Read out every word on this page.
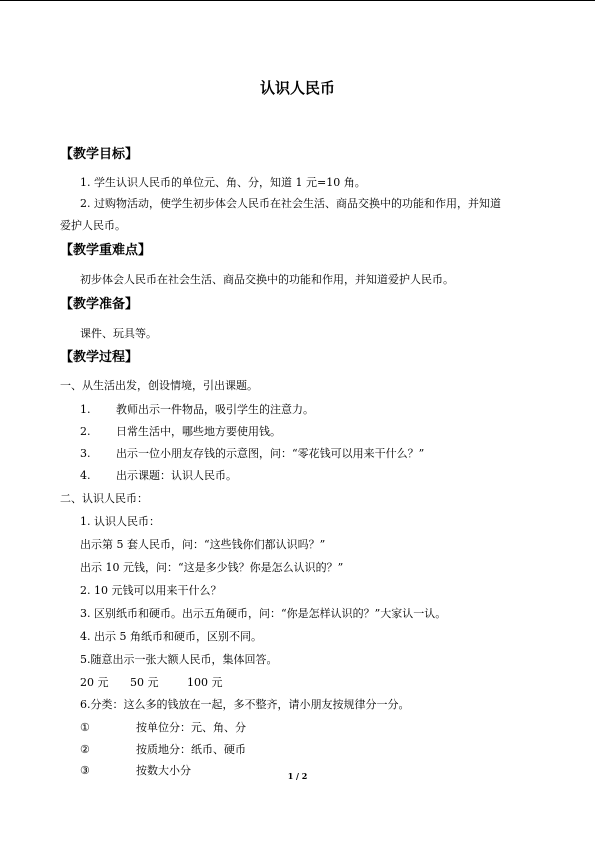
认识人民币
【教学目标】
1. 学生认识人民币的单位元、角、分，知道 1 元=10 角。
2. 过购物活动，使学生初步体会人民币在社会生活、商品交换中的功能和作用，并知道
爱护人民币。
【教学重难点】
初步体会人民币在社会生活、商品交换中的功能和作用，并知道爱护人民币。
【教学准备】
课件、玩具等。
【教学过程】
一、从生活出发，创设情境，引出课题。
1. 教师出示一件物品，吸引学生的注意力。
2. 日常生活中，哪些地方要使用钱。
3. 出示一位小朋友存钱的示意图，问：“零花钱可以用来干什么？”
4. 出示课题：认识人民币。
二、认识人民币：
1. 认识人民币：
出示第 5 套人民币，问：“这些钱你们都认识吗？”
出示 10 元钱，问：“这是多少钱？你是怎么认识的？”
2. 10 元钱可以用来干什么？
3. 区别纸币和硬币。出示五角硬币，问：“你是怎样认识的？”大家认一认。
4. 出示 5 角纸币和硬币，区别不同。
5.随意出示一张大额人民币，集体回答。
20 元 50 元	100 元
6.分类：这么多的钱放在一起，多不整齐，请小朋友按规律分一分。
①	按单位分：元、角、分
②	按质地分：纸币、硬币
③	按数大小分	1 / 2
